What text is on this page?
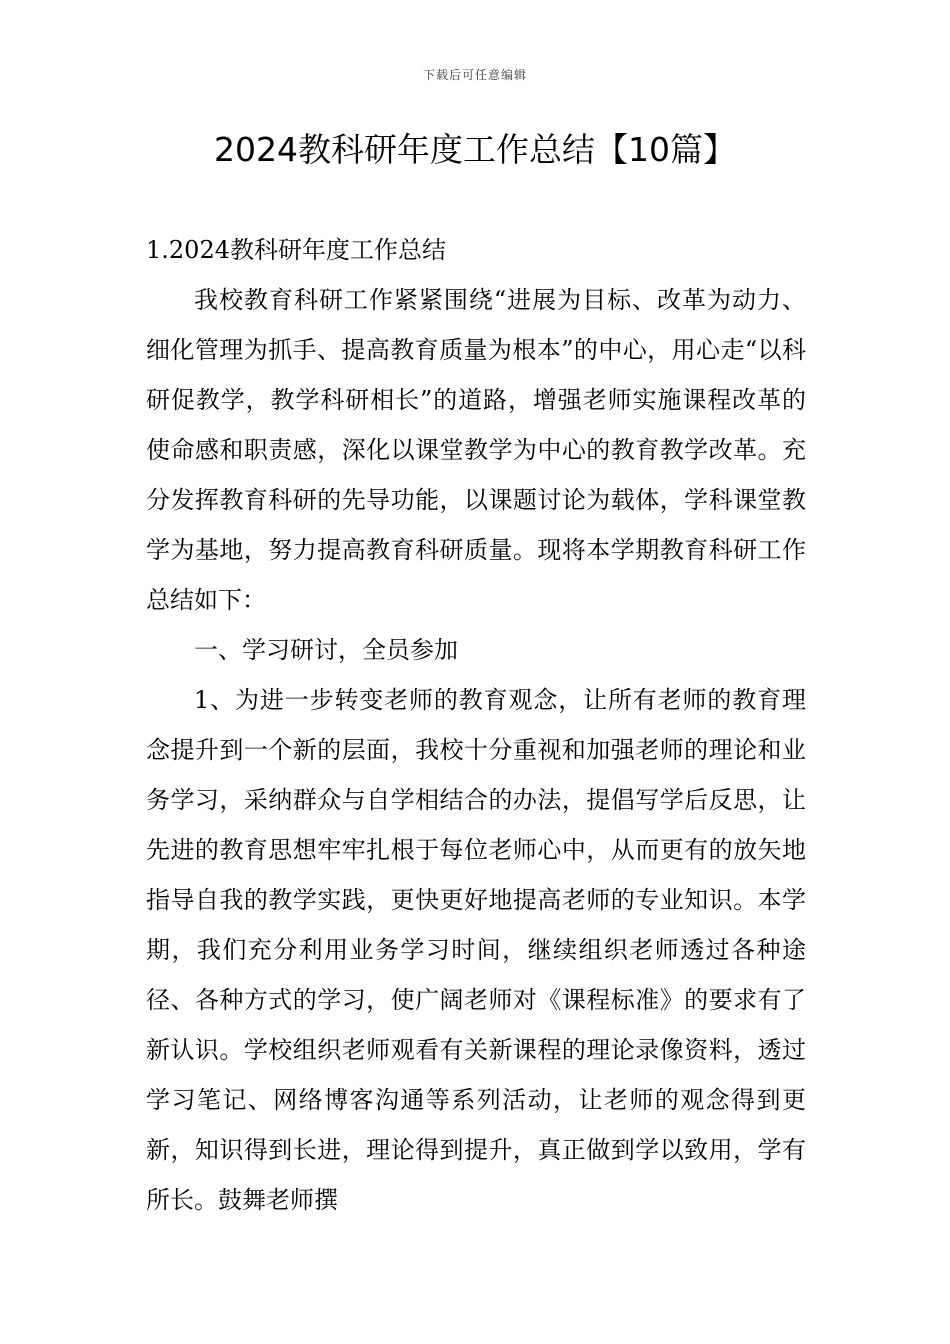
下载后可任意编辑
2024教科研年度工作总结【10篇】

1.2024教科研年度工作总结

我校教育科研工作紧紧围绕“进展为目标、改革为动力、细化管理为抓手、提高教育质量为根本”的中心，用心走“以科研促教学，教学科研相长”的道路，增强老师实施课程改革的使命感和职责感，深化以课堂教学为中心的教育教学改革。充分发挥教育科研的先导功能，以课题讨论为载体，学科课堂教学为基地，努力提高教育科研质量。现将本学期教育科研工作总结如下：

一、学习研讨，全员参加

1、为进一步转变老师的教育观念，让所有老师的教育理念提升到一个新的层面，我校十分重视和加强老师的理论和业务学习，采纳群众与自学相结合的办法，提倡写学后反思，让先进的教育思想牢牢扎根于每位老师心中，从而更有的放矢地指导自我的教学实践，更快更好地提高老师的专业知识。本学期，我们充分利用业务学习时间，继续组织老师透过各种途径、各种方式的学习，使广阔老师对《课程标准》的要求有了新认识。学校组织老师观看有关新课程的理论录像资料，透过学习笔记、网络博客沟通等系列活动，让老师的观念得到更新，知识得到长进，理论得到提升，真正做到学以致用，学有所长。鼓舞老师撰
